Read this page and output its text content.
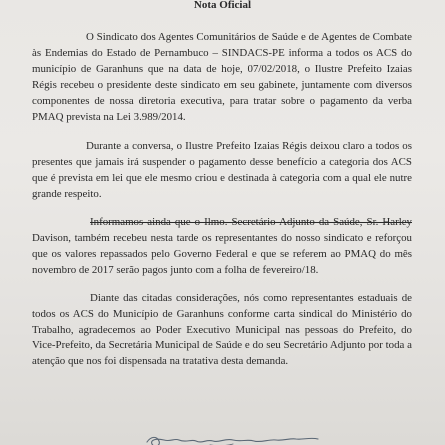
Nota Oficial

O Sindicato dos Agentes Comunitários de Saúde e de Agentes de Combate às Endemias do Estado de Pernambuco – SINDACS-PE informa a todos os ACS do município de Garanhuns que na data de hoje, 07/02/2018, o Ilustre Prefeito Izaias Régis recebeu o presidente deste sindicato em seu gabinete, juntamente com diversos componentes de nossa diretoria executiva, para tratar sobre o pagamento da verba PMAQ prevista na Lei 3.989/2014.

Durante a conversa, o Ilustre Prefeito Izaias Régis deixou claro a todos os presentes que jamais irá suspender o pagamento desse benefício a categoria dos ACS que é prevista em lei que ele mesmo criou e destinada à categoria com a qual ele nutre grande respeito.

Informamos ainda que o Ilmo. Secretário Adjunto da Saúde, Sr. Harley Davison, também recebeu nesta tarde os representantes do nosso sindicato e reforçou que os valores repassados pelo Governo Federal e que se referem ao PMAQ do mês novembro de 2017 serão pagos junto com a folha de fevereiro/18.

Diante das citadas considerações, nós como representantes estaduais de todos os ACS do Município de Garanhuns conforme carta sindical do Ministério do Trabalho, agradecemos ao Poder Executivo Municipal nas pessoas do Prefeito, do Vice-Prefeito, da Secretária Municipal de Saúde e do seu Secretário Adjunto por toda a atenção que nos foi dispensada na tratativa desta demanda.
